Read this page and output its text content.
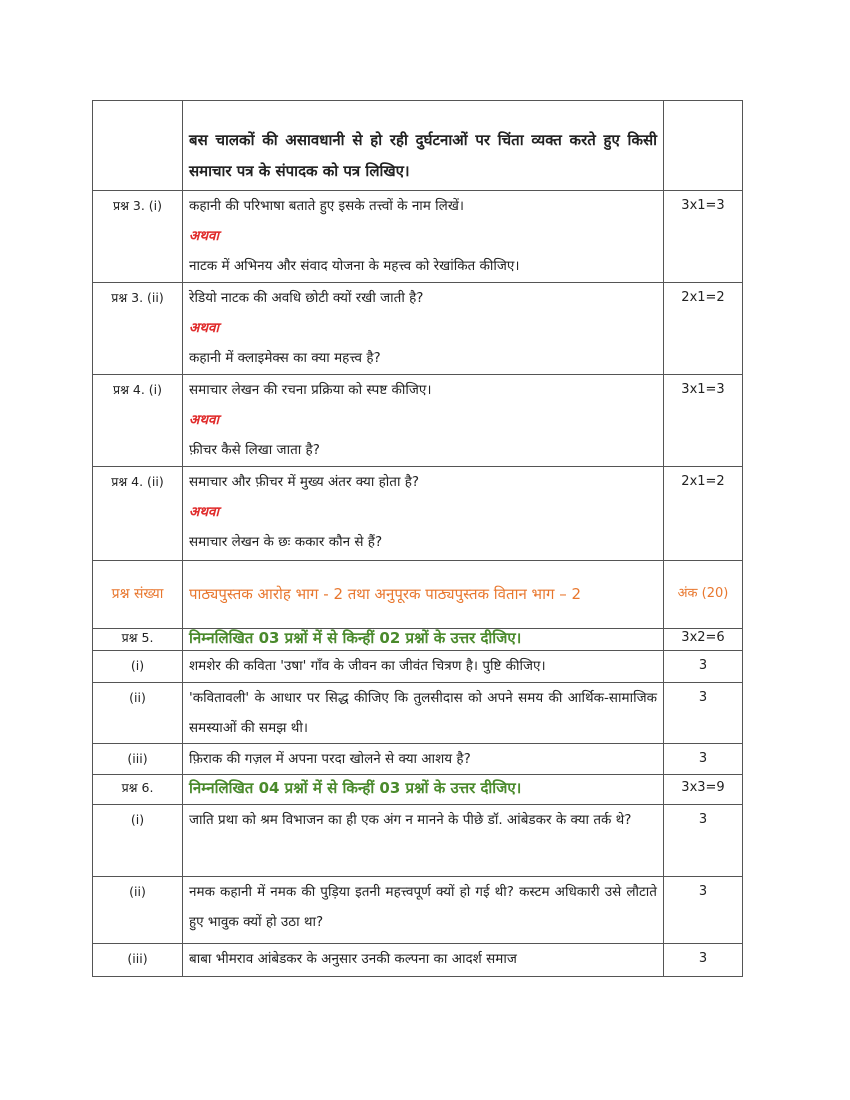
	बस चालकों की असावधानी से हो रही दुर्घटनाओं पर चिंता व्यक्त करते हुए किसी समाचार पत्र के संपादक को पत्र लिखिए।	
प्रश्न 3. (i)	कहानी की परिभाषा बताते हुए इसके तत्त्वों के नाम लिखें।
अथवा
नाटक में अभिनय और संवाद योजना के महत्त्व को रेखांकित कीजिए।	3x1=3
प्रश्न 3. (ii)	रेडियो नाटक की अवधि छोटी क्यों रखी जाती है?
अथवा
कहानी में क्लाइमेक्स का क्या महत्त्व है?	2x1=2
प्रश्न 4. (i)	समाचार लेखन की रचना प्रक्रिया को स्पष्ट कीजिए।
अथवा
फ़ीचर कैसे लिखा जाता है?	3x1=3
प्रश्न 4. (ii)	समाचार और फ़ीचर में मुख्य अंतर क्या होता है?
अथवा
समाचार लेखन के छः ककार कौन से हैं?	2x1=2
प्रश्न संख्या	पाठ्यपुस्तक आरोह भाग - 2 तथा अनुपूरक पाठ्यपुस्तक वितान भाग – 2	अंक (20)
प्रश्न 5.	निम्नलिखित 03 प्रश्नों में से किन्हीं 02 प्रश्नों के उत्तर दीजिए।	3x2=6
(i)	शमशेर की कविता 'उषा' गाँव के जीवन का जीवंत चित्रण है। पुष्टि कीजिए।	3
(ii)	'कवितावली' के आधार पर सिद्ध कीजिए कि तुलसीदास को अपने समय की आर्थिक-सामाजिक समस्याओं की समझ थी।	3
(iii)	फ़िराक की गज़ल में अपना परदा खोलने से क्या आशय है?	3
प्रश्न 6.	निम्नलिखित 04 प्रश्नों में से किन्हीं 03 प्रश्नों के उत्तर दीजिए।	3x3=9
(i)	जाति प्रथा को श्रम विभाजन का ही एक अंग न मानने के पीछे डॉ. आंबेडकर के क्या तर्क थे?	3
(ii)	नमक कहानी में नमक की पुड़िया इतनी महत्त्वपूर्ण क्यों हो गई थी? कस्टम अधिकारी उसे लौटाते हुए भावुक क्यों हो उठा था?	3
(iii)	बाबा भीमराव आंबेडकर के अनुसार उनकी कल्पना का आदर्श समाज	3
